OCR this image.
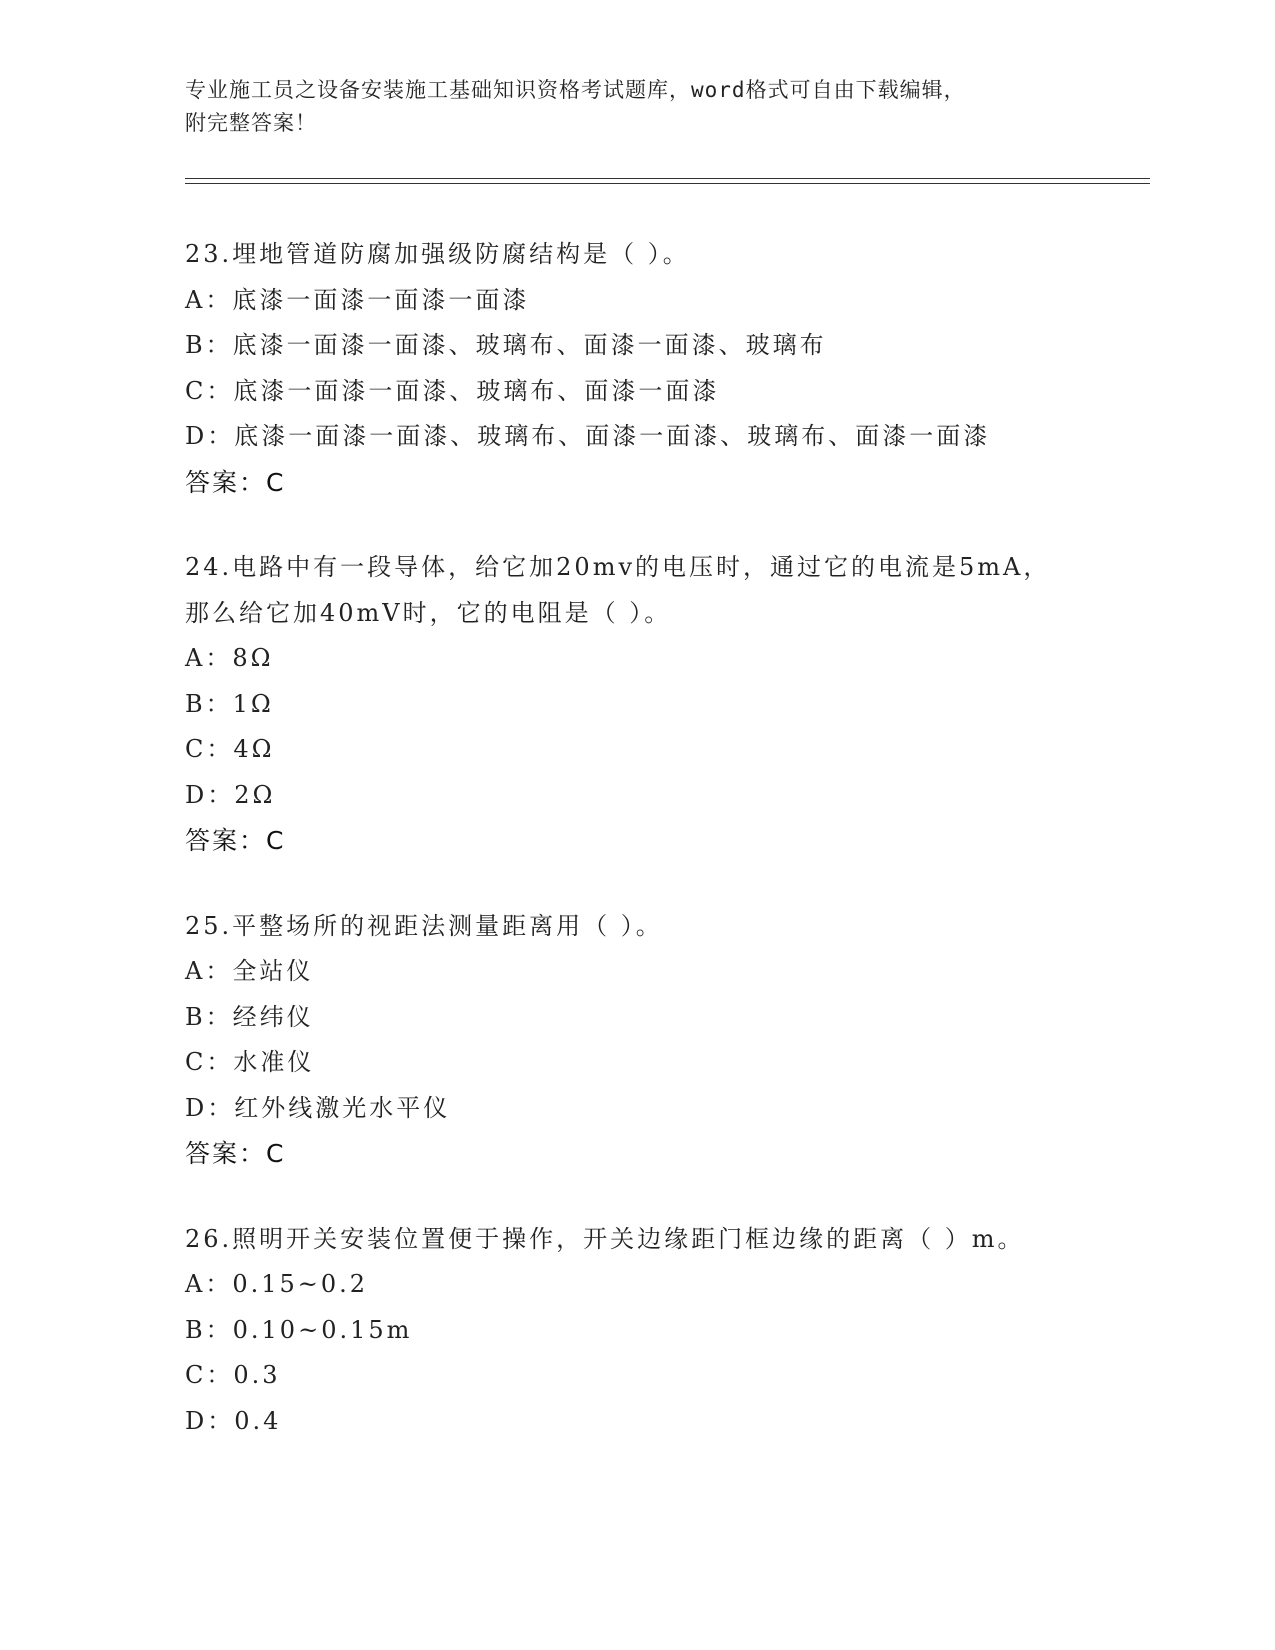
专业施工员之设备安装施工基础知识资格考试题库，word格式可自由下载编辑，
附完整答案！
23.埋地管道防腐加强级防腐结构是（ ）。
A：底漆一面漆一面漆一面漆
B：底漆一面漆一面漆、玻璃布、面漆一面漆、玻璃布
C：底漆一面漆一面漆、玻璃布、面漆一面漆
D：底漆一面漆一面漆、玻璃布、面漆一面漆、玻璃布、面漆一面漆
答案：C
24.电路中有一段导体，给它加20mv的电压时，通过它的电流是5mA，
那么给它加40mV时，它的电阻是（ ）。
A：8Ω
B：1Ω
C：4Ω
D：2Ω
答案：C
25.平整场所的视距法测量距离用（ ）。
A：全站仪
B：经纬仪
C：水准仪
D：红外线激光水平仪
答案：C
26.照明开关安装位置便于操作，开关边缘距门框边缘的距离（ ）m。
A：0.15~0.2
B：0.10~0.15m
C：0.3
D：0.4
